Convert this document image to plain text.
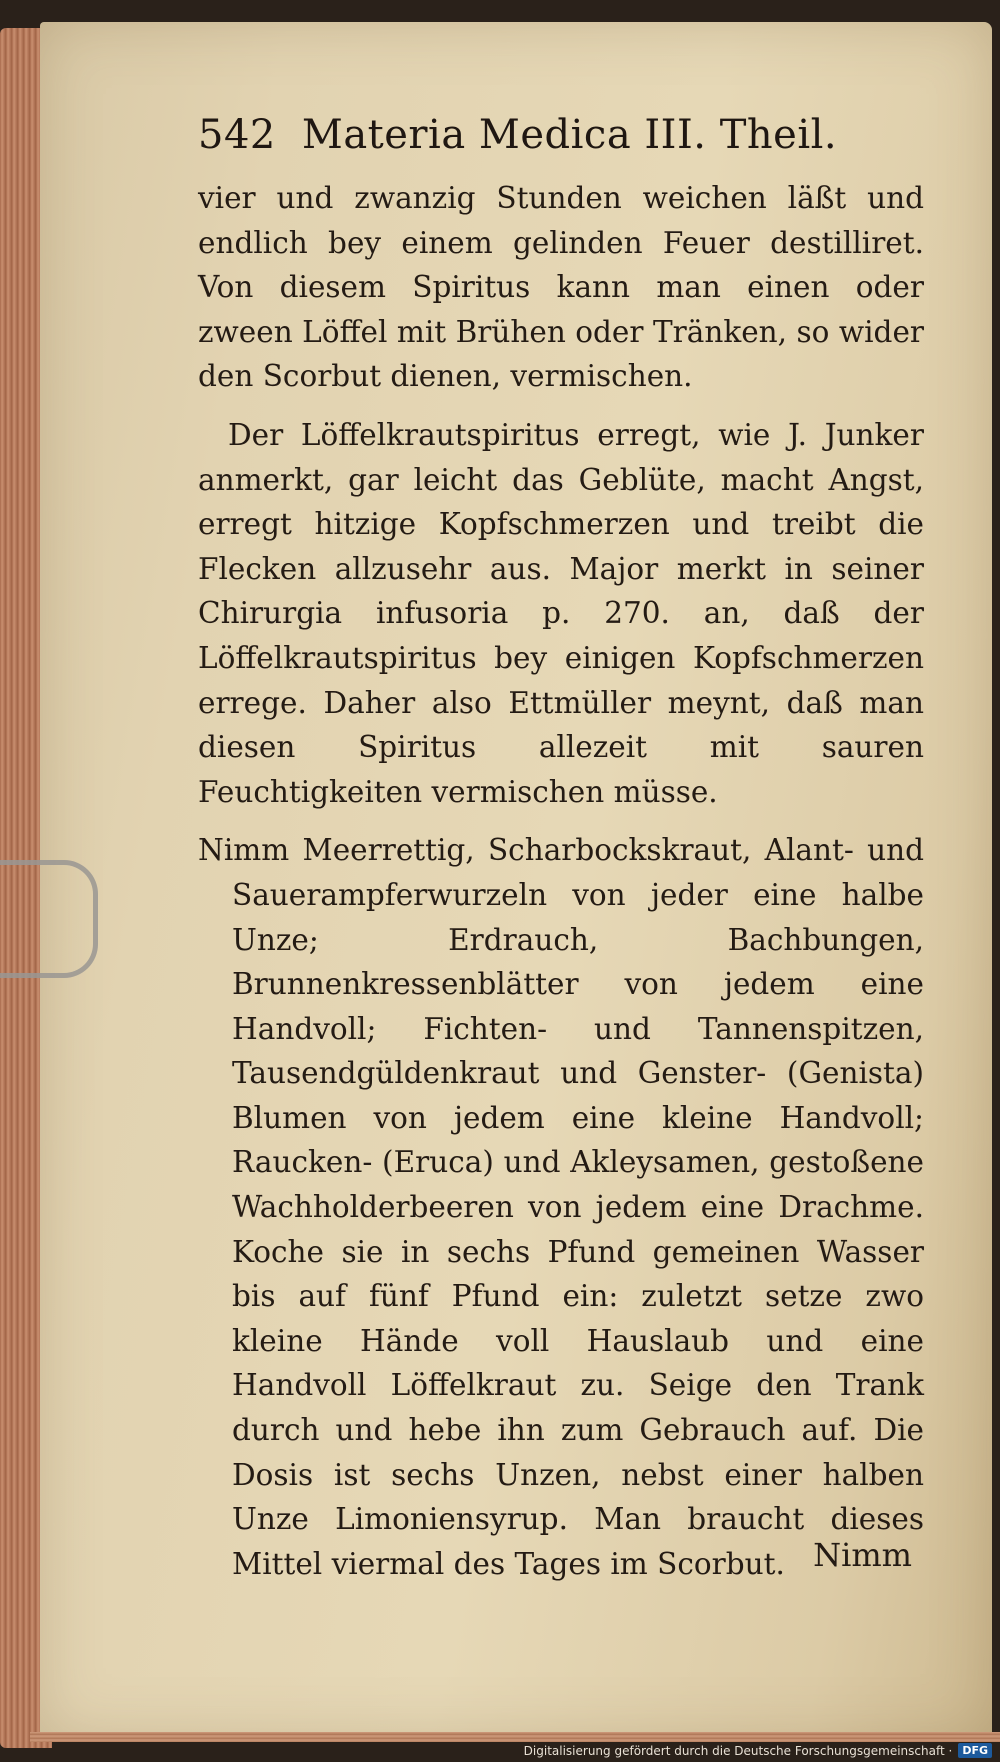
542 Materia Medica III. Theil.

vier und zwanzig Stunden weichen läßt und endlich bey einem gelinden Feuer destilliret. Von diesem Spiritus kann man einen oder zween Löffel mit Brühen oder Tränken, so wider den Scorbut dienen, vermischen.

Der Löffelkrautspiritus erregt, wie J. Junker anmerkt, gar leicht das Geblüte, macht Angst, erregt hitzige Kopfschmerzen und treibt die Flecken allzusehr aus. Major merkt in seiner Chirurgia infusoria p. 270. an, daß der Löffelkrautspiritus bey einigen Kopfschmerzen errege. Daher also Ettmüller meynt, daß man diesen Spiritus allezeit mit sauren Feuchtigkeiten vermischen müsse.

Nimm Meerrettig, Scharbockskraut, Alant- und Sauerampferwurzeln von jeder eine halbe Unze; Erdrauch, Bachbungen, Brunnenkressenblätter von jedem eine Handvoll; Fichten- und Tannenspitzen, Tausendgüldenkraut und Genster- (Genista) Blumen von jedem eine kleine Handvoll; Raucken- (Eruca) und Akleysamen, gestoßene Wachholderbeeren von jedem eine Drachme. Koche sie in sechs Pfund gemeinen Wasser bis auf fünf Pfund ein: zuletzt setze zwo kleine Hände voll Hauslaub und eine Handvoll Löffelkraut zu. Seige den Trank durch und hebe ihn zum Gebrauch auf. Die Dosis ist sechs Unzen, nebst einer halben Unze Limoniensyrup. Man braucht dieses Mittel viermal des Tages im Scorbut. Nimm
Digitalisierung gefördert durch die Deutsche Forschungsgemeinschaft · DFG
